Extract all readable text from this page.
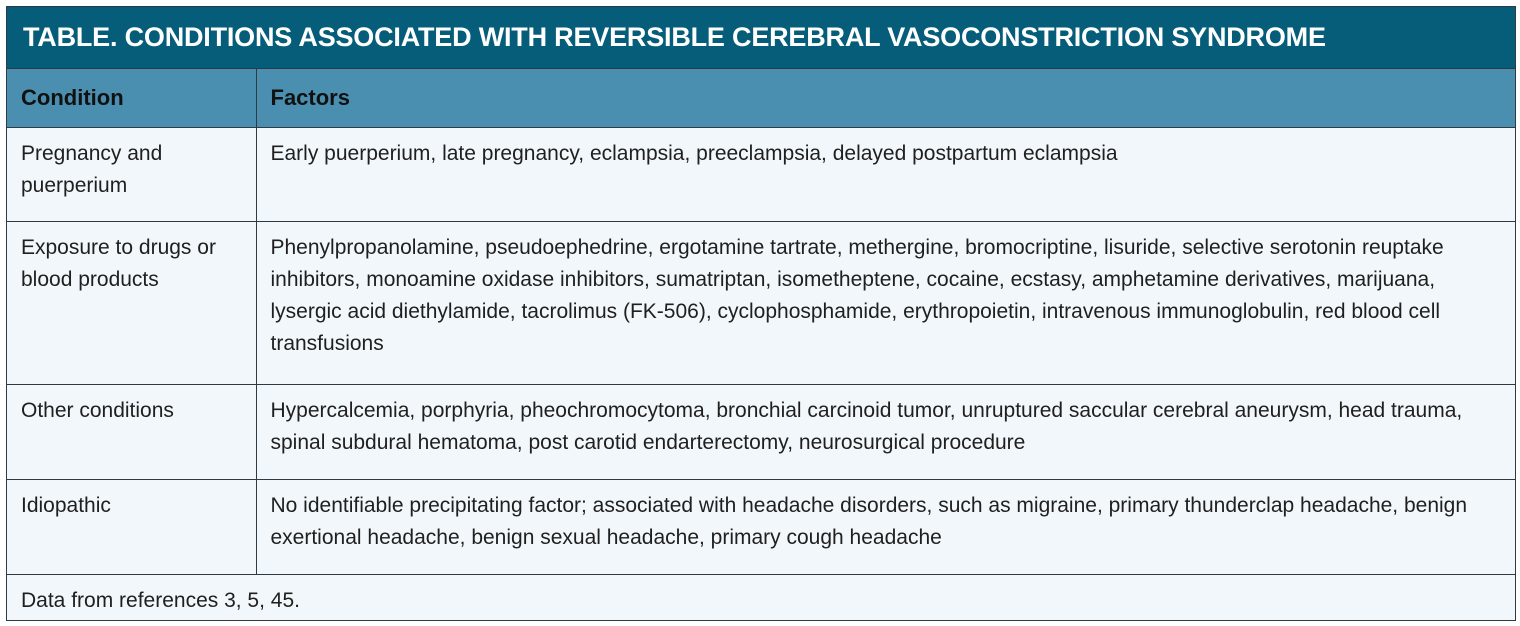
TABLE. CONDITIONS ASSOCIATED WITH REVERSIBLE CEREBRAL VASOCONSTRICTION SYNDROME
Condition	Factors
Pregnancy and puerperium	Early puerperium, late pregnancy, eclampsia, preeclampsia, delayed postpartum eclampsia
Exposure to drugs or blood products	Phenylpropanolamine, pseudoephedrine, ergotamine tartrate, methergine, bromocriptine, lisuride, selective serotonin reuptake inhibitors, monoamine oxidase inhibitors, sumatriptan, isometheptene, cocaine, ecstasy, amphetamine derivatives, marijuana, lysergic acid diethylamide, tacrolimus (FK-506), cyclophosphamide, erythropoietin, intravenous immunoglobulin, red blood cell transfusions
Other conditions	Hypercalcemia, porphyria, pheochromocytoma, bronchial carcinoid tumor, unruptured saccular cerebral aneurysm, head trauma, spinal subdural hematoma, post carotid endarterectomy, neurosurgical procedure
Idiopathic	No identifiable precipitating factor; associated with headache disorders, such as migraine, primary thunderclap headache, benign exertional headache, benign sexual headache, primary cough headache
Data from references 3, 5, 45.	
